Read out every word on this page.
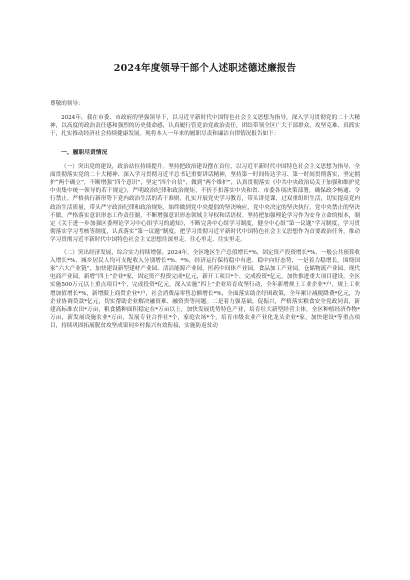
2024年度领导干部个人述职述德述廉报告

尊敬的领导：

2024年，我在市委、市政府的坚强领导下，以习近平新时代中国特色社会主义思想为指导，深入学习贯彻党的二十大精神，以高度的政治责任感和强烈的历史使命感，认真履行管党治党政治责任，团结带领全区广大干部群众，攻坚克难、真抓实干，扎实推动经济社会持续健康发展。现将本人一年来的履职尽责和廉洁自律情况报告如下：

一、履职尽责情况

（一）突出党的建设，政治站位持续提升。坚持把政治建设摆在首位，以习近平新时代中国特色社会主义思想为指导，全面贯彻落实党的二十大精神、深入学习贯彻习近平总书记重要讲话精神，坚持第一时间传达学习、第一时间贯彻落实，坚定拥护“两个确立”，不断增强“四个意识”，坚定“四个自信”，做到“两个维护”，认真贯彻落实《中共中央政治局关于加强和维护党中央集中统一领导的若干规定》，严明政治纪律和政治规矩，不折不扣落实中央和省、市委各项决策部署，确保政令畅通、令行禁止。严格执行新形势下党内政治生活的若干准则，扎实开展党史学习教育，带头讲党课，过双重组织生活，切实提高党内政治生活质量，带头严守政治纪律和政治规矩，始终做到党中央提倡的坚决响应，党中央决定的坚决执行，党中央禁止的坚决不做。严格落实意识形态工作责任制，不断增强意识形态领域主导权和话语权。坚持把加强理论学习作为安身立命的根本，制定《关于进一步加强区委理论学习中心组学习的通知》，不断完善中心组学习制度，健全中心组“第一议题”学习制度，学习贯彻落实学习考核等制度，认真落实“第一议题”制度，把学习贯彻习近平新时代中国特色社会主义思想作为首要政治任务，推动学习贯彻习近平新时代中国特色社会主义思想往深里走、往心里走、往实里走。

（二）突出经济发展，综合实力持续增强。2024年，全区地区生产总值增长*%，固定资产投资增长*%，一般公共预算收入增长*%，城乡居民人均可支配收入分别增长*%、*%，经济运行保持稳中有进、稳中向好态势，一是着力稳增长。围绕国家“六大产业链”，加快建设新型建材产业园、清洁能源产业园，医药中间体产业园，食品加工产业园，仓储物流产业园、现代电商产业园，新增“四上”企业*家，固定资产投资完成*亿元，新开工项目*个、完成投资*亿元。加快推进重大项目建设，全区实施500万元以上重点项目*个，完成投资*亿元，深入实施“四上”企业培育攻坚行动，全年新增规上工业企业*户，规上工业增加值增长*%，新增限上商贸企业*户，社会消费品零售总额增长*%，全面落实助企纾困政策，全年累计减税降费*亿元，为企业协调贷款*亿元，切实帮助企业解决融资难、融资贵等问题。二是着力强基础，促振兴，严格落实粮食安全党政同责，新建高标准农田*万亩，粮食播种面积稳定在*万亩以上，加快发展优势特色产业，培育壮大新型经营主体，全区种植经济作物*万亩，新发展设施农业*万亩，发展专业合作社*个，家庭农场*个，培育市级农业产业化龙头企业*家，加快建设*等重点项目，持续巩固拓展脱贫攻坚成果同乡村振兴有效衔接，实施防返贫动
